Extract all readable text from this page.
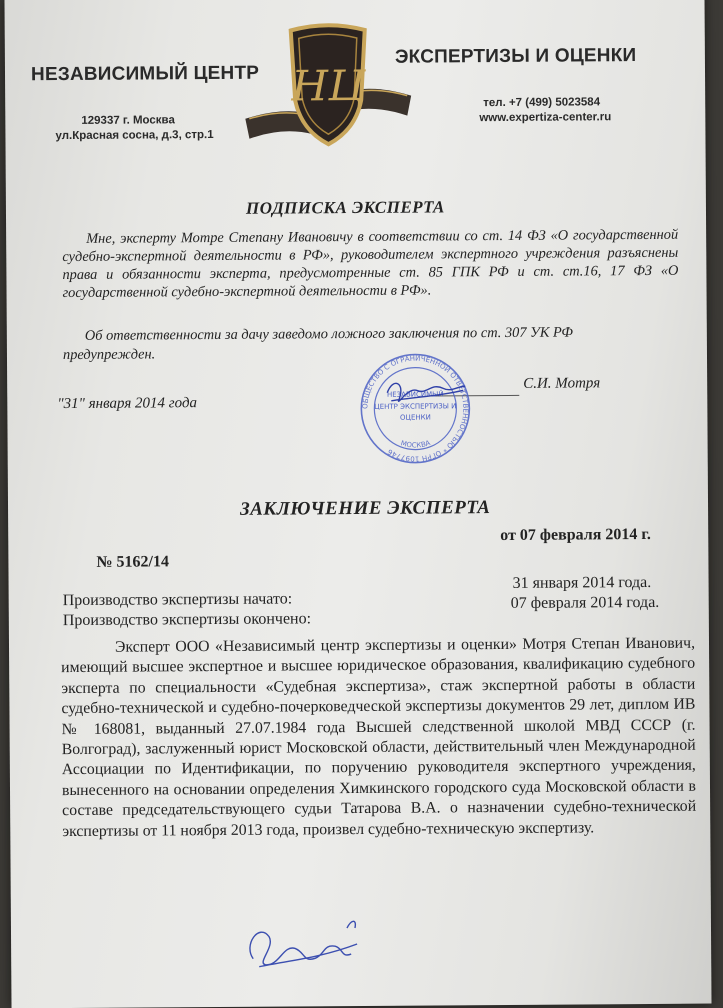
НЕЗАВИСИМЫЙ ЦЕНТР
ЭКСПЕРТИЗЫ И ОЦЕНКИ
НЦ
129337 г. Москва
ул.Красная сосна, д.3, стр.1
тел. +7 (499) 5023584
www.expertiza-center.ru
ПОДПИСКА ЭКСПЕРТА
Мне, эксперту Мотре Степану Ивановичу в соответствии со ст. 14 ФЗ «О государственной судебно-экспертной деятельности в РФ», руководителем экспертного учреждения разъяснены права и обязанности эксперта, предусмотренные ст. 85 ГПК РФ и ст. ст.16, 17 ФЗ «О государственной судебно-экспертной деятельности в РФ».
Об ответственности за дачу заведомо ложного заключения по ст. 307 УК РФ
предупрежден.
"31" января 2014 года
С.И. Мотря
ОБЩЕСТВО С ОГРАНИЧЕННОЙ ОТВЕТСТВЕННОСТЬЮ * ОГРН 1097746
МОСКВА
НЕЗАВИСИМЫЙ
ЦЕНТР ЭКСПЕРТИЗЫ И
ОЦЕНКИ
ЗАКЛЮЧЕНИЕ ЭКСПЕРТА
от 07 февраля 2014 г.
№ 5162/14
Производство экспертизы начато:
31 января 2014 года.
Производство экспертизы окончено:
07 февраля 2014 года.
Эксперт ООО «Независимый центр экспертизы и оценки» Мотря Степан Иванович, имеющий высшее экспертное и высшее юридическое образования, квалификацию судебного эксперта по специальности «Судебная экспертиза», стаж экспертной работы в области судебно-технической и судебно-почерковедческой экспертизы документов 29 лет, диплом ИВ № 168081, выданный 27.07.1984 года Высшей следственной школой МВД СССР (г. Волгоград), заслуженный юрист Московской области, действительный член Международной Ассоциации по Идентификации, по поручению руководителя экспертного учреждения, вынесенного на основании определения Химкинского городского суда Московской области в составе председательствующего судьи Татарова В.А. о назначении судебно-технической экспертизы от 11 ноября 2013 года, произвел судебно-техническую экспертизу.
